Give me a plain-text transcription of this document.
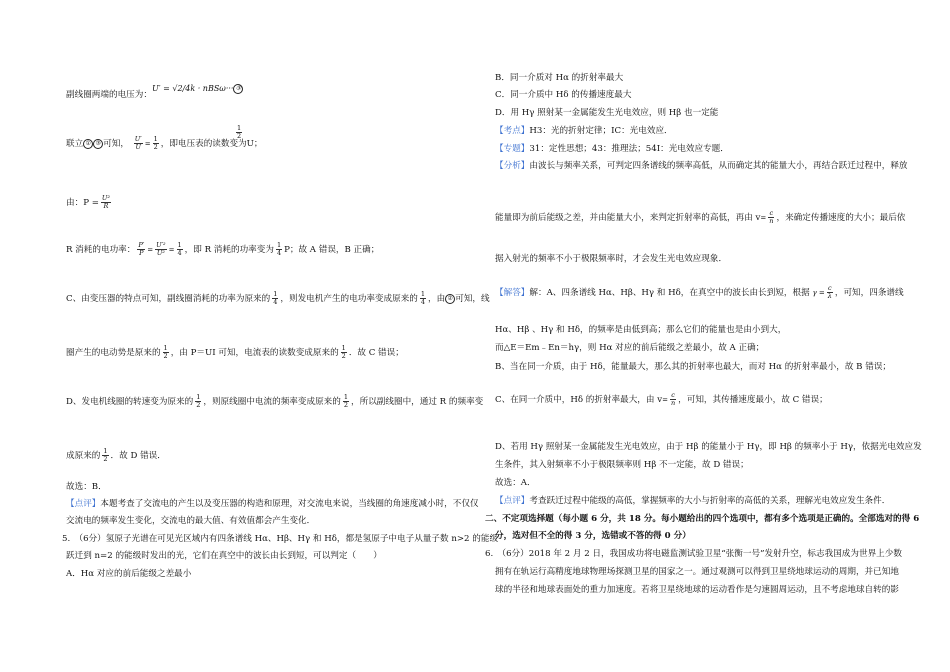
副线圈两端的电压为：
U′ = √2/4k · nBSω··· ③
联立 ① ③ 可知， $\frac{U'}{U} = \frac{1}{2}$ ，即电压表的读数变为U；
1
2
由：$P = \frac{\text{U²}}{R}$
R 消耗的电功率： $\frac{P'}{P} = \frac{\text{U′²}}{\text{U²}} = \frac{1}{4}$ ，即 R 消耗的功率变为 $\frac{1}{4}$ P；故 A 错误，B 正确；
C、由变压器的特点可知，副线圈消耗的功率为原来的 $\frac{1}{4}$ ，则发电机产生的电功率变成原来的 $\frac{1}{4}$ ，由 ② 可知，线
圈产生的电动势是原来的 $\frac{1}{2}$ ，由 P＝UI 可知，电流表的读数变成原来的 $\frac{1}{2}$ ．故 C 错误；
D、发电机线圈的转速变为原来的 $\frac{1}{2}$ ，则原线圈中电流的频率变成原来的 $\frac{1}{2}$ ，所以副线圈中，通过 R 的频率变
成原来的 $\frac{1}{2}$ ．故 D 错误．
故选：B．
【点评】本题考查了交流电的产生以及变压器的构造和原理，对交流电来说，当线圈的角速度减小时，不仅仅
交流电的频率发生变化，交流电的最大值、有效值都会产生变化．
5.　（6分）氢原子光谱在可见光区域内有四条谱线 Hα、Hβ、Hγ 和 Hδ，都是氢原子中电子从量子数 n>2 的能级
跃迁到 n=2 的能级时发出的光，它们在真空中的波长由长到短，可以判定（　　）
A．Hα 对应的前后能级之差最小
B．同一介质对 Hα 的折射率最大
C．同一介质中 Hδ 的传播速度最大
D．用 Hγ 照射某一金属能发生光电效应，则 Hβ 也一定能
【考点】H3：光的折射定律；IC：光电效应．
【专题】31：定性思想；43：推理法；54I：光电效应专题．
【分析】由波长与频率关系，可判定四条谱线的频率高低，从而确定其的能量大小，再结合跃迁过程中，释放
能量即为前后能级之差，并由能量大小，来判定折射率的高低，再由 $v= \frac{c}{n}$ ，来确定传播速度的大小；最后依
据入射光的频率不小于极限频率时，才会发生光电效应现象．
【解答】解：A、四条谱线 Hα、Hβ、Hγ 和 Hδ，在真空中的波长由长到短，根据 $\gamma = \frac{c}{\lambda}$ ，可知，四条谱线
Hα、Hβ 、Hγ 和 Hδ，的频率是由低到高；那么它们的能量也是由小到大，
而△E＝Em﹣En＝hγ，则 Hα 对应的前后能级之差最小，故 A 正确；
B、当在同一介质，由于 Hδ，能量最大，那么其的折射率也最大，而对 Hα 的折射率最小，故 B 错误；
C、在同一介质中，Hδ 的折射率最大，由 $v= \frac{c}{n}$ ，可知，其传播速度最小，故 C 错误；
D、若用 Hγ 照射某一金属能发生光电效应，由于 Hβ 的能量小于 Hγ，即 Hβ 的频率小于 Hγ，依据光电效应发
生条件，其入射频率不小于极限频率则 Hβ 不一定能，故 D 错误；
故选：A．
【点评】考查跃迁过程中能级的高低，掌握频率的大小与折射率的高低的关系，理解光电效应发生条件．
二、不定项选择题（每小题 6 分，共 18 分。每小题给出的四个选项中，都有多个选项是正确的。全部选对的得 6
分，选对但不全的得 3 分，选错或不答的得 0 分）
6.　（6分）2018 年 2 月 2 日，我国成功将电磁监测试验卫星“张衡一号”发射升空，标志我国成为世界上少数
拥有在轨运行高精度地球物理场探测卫星的国家之一。通过观测可以得到卫星绕地球运动的周期，并已知地
球的半径和地球表面处的重力加速度。若将卫星绕地球的运动看作是匀速圆周运动，且不考虑地球自转的影
